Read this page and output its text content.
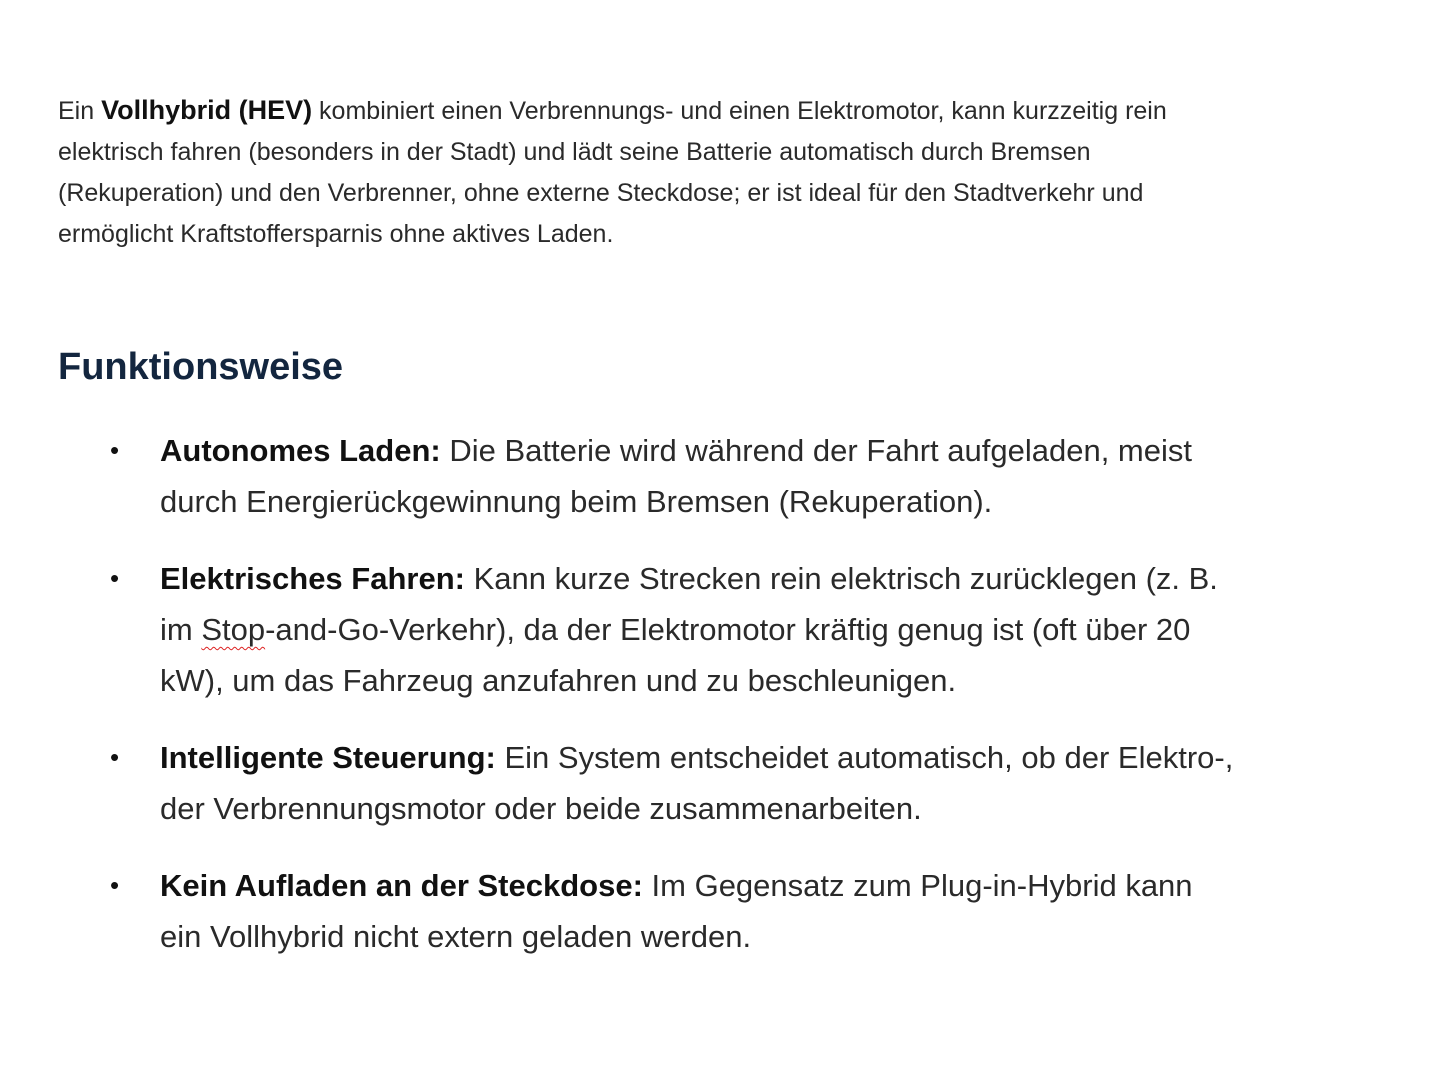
Ein Vollhybrid (HEV) kombiniert einen Verbrennungs- und einen Elektromotor, kann kurzzeitig rein
elektrisch fahren (besonders in der Stadt) und lädt seine Batterie automatisch durch Bremsen
(Rekuperation) und den Verbrenner, ohne externe Steckdose; er ist ideal für den Stadtverkehr und
ermöglicht Kraftstoffersparnis ohne aktives Laden.
Funktionsweise
• Autonomes Laden: Die Batterie wird während der Fahrt aufgeladen, meist
durch Energierückgewinnung beim Bremsen (Rekuperation).
• Elektrisches Fahren: Kann kurze Strecken rein elektrisch zurücklegen (z. B.
im Stop-and-Go-Verkehr), da der Elektromotor kräftig genug ist (oft über 20
kW), um das Fahrzeug anzufahren und zu beschleunigen.
• Intelligente Steuerung: Ein System entscheidet automatisch, ob der Elektro-,
der Verbrennungsmotor oder beide zusammenarbeiten.
• Kein Aufladen an der Steckdose: Im Gegensatz zum Plug-in-Hybrid kann
ein Vollhybrid nicht extern geladen werden.
